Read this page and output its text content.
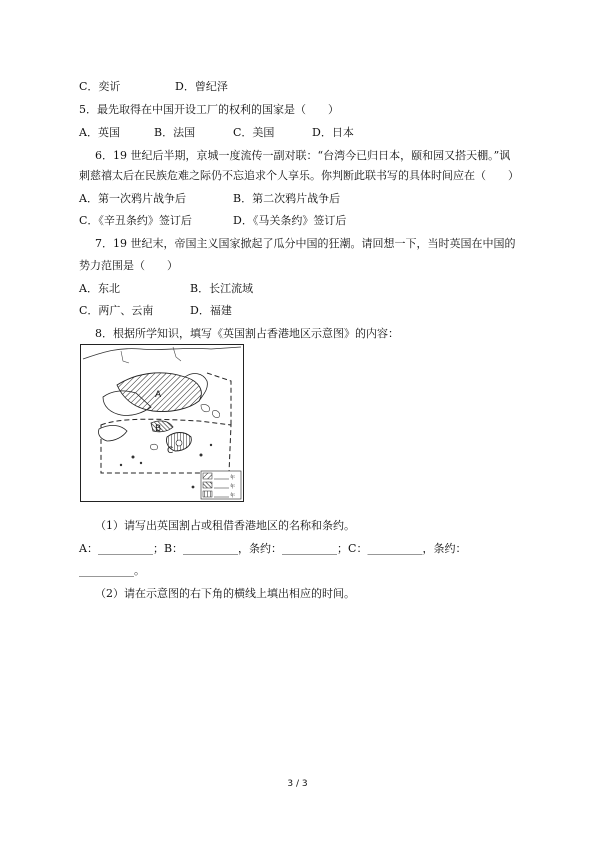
C．奕䜣	D．曾纪泽
5．最先取得在中国开设工厂的权利的国家是（　　）
A．英国	B．法国	C．美国	D．日本
6．19 世纪后半期，京城一度流传一副对联：“台湾今已归日本，颐和园又搭天棚。”讽
刺慈禧太后在民族危难之际仍不忘追求个人享乐。你判断此联书写的具体时间应在（　　）
A．第一次鸦片战争后	B．第二次鸦片战争后
C．《辛丑条约》签订后	D．《马关条约》签订后
7．19 世纪末，帝国主义国家掀起了瓜分中国的狂潮。请回想一下，当时英国在中国的
势力范围是（　　）
A．东北	B．长江流域
C．两广、云南	D．福建
8．根据所学知识，填写《英国割占香港地区示意图》的内容：
A
B
C
年
年
年
（1）请写出英国割占或租借香港地区的名称和条约。
A：__________；B：__________，条约：__________；C：__________，条约：
__________。
（2）请在示意图的右下角的横线上填出相应的时间。
3 / 3
